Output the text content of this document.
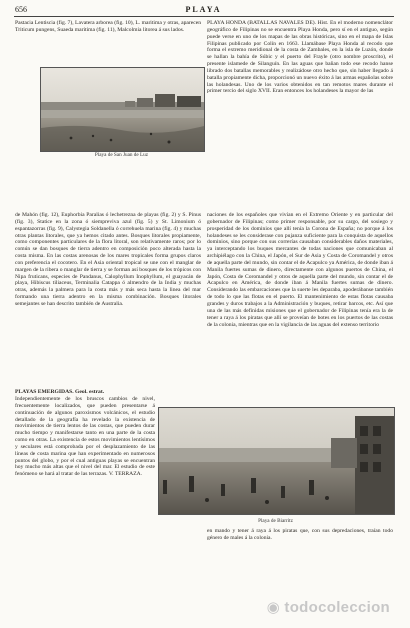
656	PLAYA

Pastacia Lentiscia (fig. 7), Lavatera arborea (fig. 10), L. maritima y otras, aparecen Triticum pungens, Suaeda maritima (fig. 11), Malcolmia litorea á sus lados.

PLAYA HONDA (BATALLAS NAVALES DE). Hist. En el moderno nomenclátor geográfico de Filipinas no se encuentra Playa Honda, pero sí en el antiguo, según puede verse en uno de los mapas de las obras históricas, sino en el mapa de Islas Filipinas publicado por Colín en 1663. Llamábase Playa Honda al recodo que forma el extremo meridional de la costa de Zambales, en la isla de Luzón, donde se hallan la bahía de Súbic y el puerto del Frayle (otro nombre proscrito), el presente islamede de Silanguín. En las aguas que bañan todo ese recodo hanse librado dos batallas memorables y realizádose otro hecho que, sin haber llegado á batalla propiamente dicha, proporcionó un nuevo éxito á las armas españolas sobre las holandesas. Uno de los varios obtenidos en tan remotos mares durante el primer tercio del siglo XVII. Eran entonces los holandeses la mayor de las

Playa de San Juan de Luz

de Mahón (fig. 12), Euphorbia Paralias ó lechetrezna de playas (fig. 2) y S. Pinus (fig. 3), Statice en la zona ó siempreviva azul (fig. 5) y St. Limonium ó espantazorras (fig. 9), Calystegia Soldanella ó correhuela marina (fig. 4) y muchas otras plantas litorales, que ya hemos citado antes. Bosques litorales propiamente, como componentes particulares de la flora litoral, son relativamente raros; por lo común se dan bosques de tierra adentro en composición poco alterada hasta la costa misma. En las costas arenosas de los mares tropicales forma grupos claros con preferencia el cocotero. En el Asia oriental tropical se une con el manglar de margen de la ribera o manglar de tierra y se forman así bosques de los trópicos con Nipa fruticans, especies de Pandanus, Calophyllum Inophyllum, el guayacán de playa, Hibiscus tiliaceus, Terminalia Catappa ó almendro de la India y muchas otras, además la palmera para la costa más y más seca hasta la linea del mar formando una tierra adentro en la misma combinación. Bosques litorales semejantes se han descrito también de Australia.

naciones de los españoles que vivían en el Extremo Oriente y en particular del gobernador de Filipinas; como primer responsable, por su cargo, del sosiego y prosperidad de los dominios que allí tenía la Corona de España; no porque á los holandeses se les considerase con pujanza suficiente para la conquista de aquellos dominios, sino porque con sus correrías causaban considerables daños materiales, ya interceptando los buques mercantes de todas naciones que comunicaban al archipiélago con la China, el Japón, el Sur de Asia y Costa de Coromandel y otros de aquella parte del mundo, sin contar el de Acapulco ya América, de donde iban á Manila fuertes sumas de dinero, directamente con algunos puertos de China, el Japón, Costa de Coromandel y otros de aquella parte del mundo, sin contar el de Acapulco en América, de donde iban á Manila fuertes sumas de dinero. Considerando las embarcaciones que la suerte les deparaba, apoderábanse también de todo lo que las flotas en el puerto. El mantenimiento de estas flotas causaba grandes y duros trabajos a la Administración y buques, retirar barcos, etc. Así que una de las más definidas misiones que el gobernador de Filipinas tenía era la de tener a raya á los piratas que allí se proveían de botes en los puertos de las costas de la colonia, mientras que en la vigilancia de las aguas del extenso territorio

PLAYAS EMERGIDAS. Geol. estrat.

Independientemente de los bruscos cambios de nivel, frecuentemente localizados, que pueden presentarse á continuación de algunos paroxismos volcánicos, el estudio detallado de la geografía ha revelado la existencia de movimientos de tierra lentos de las costas, que pueden durar mucho tiempo y manifestarse tanto en una parte de la costa como en otras. La existencia de estos movimientos lentísimos y seculares está comprobada por el desplazamiento de las líneas de costa marina que han experimentado en numerosos puntos del globo, y por el cual antiguas playas se encuentran hoy mucho más altas que el nivel del mar. El estudio de este fenómeno se hará al tratar de las terrazas. V. TERRAZA.

Playa de Biarritz

en mando y tener á raya á los piratas que, con sus depredaciones, traían todo género de males á la colonia.

◉ todocoleccion
